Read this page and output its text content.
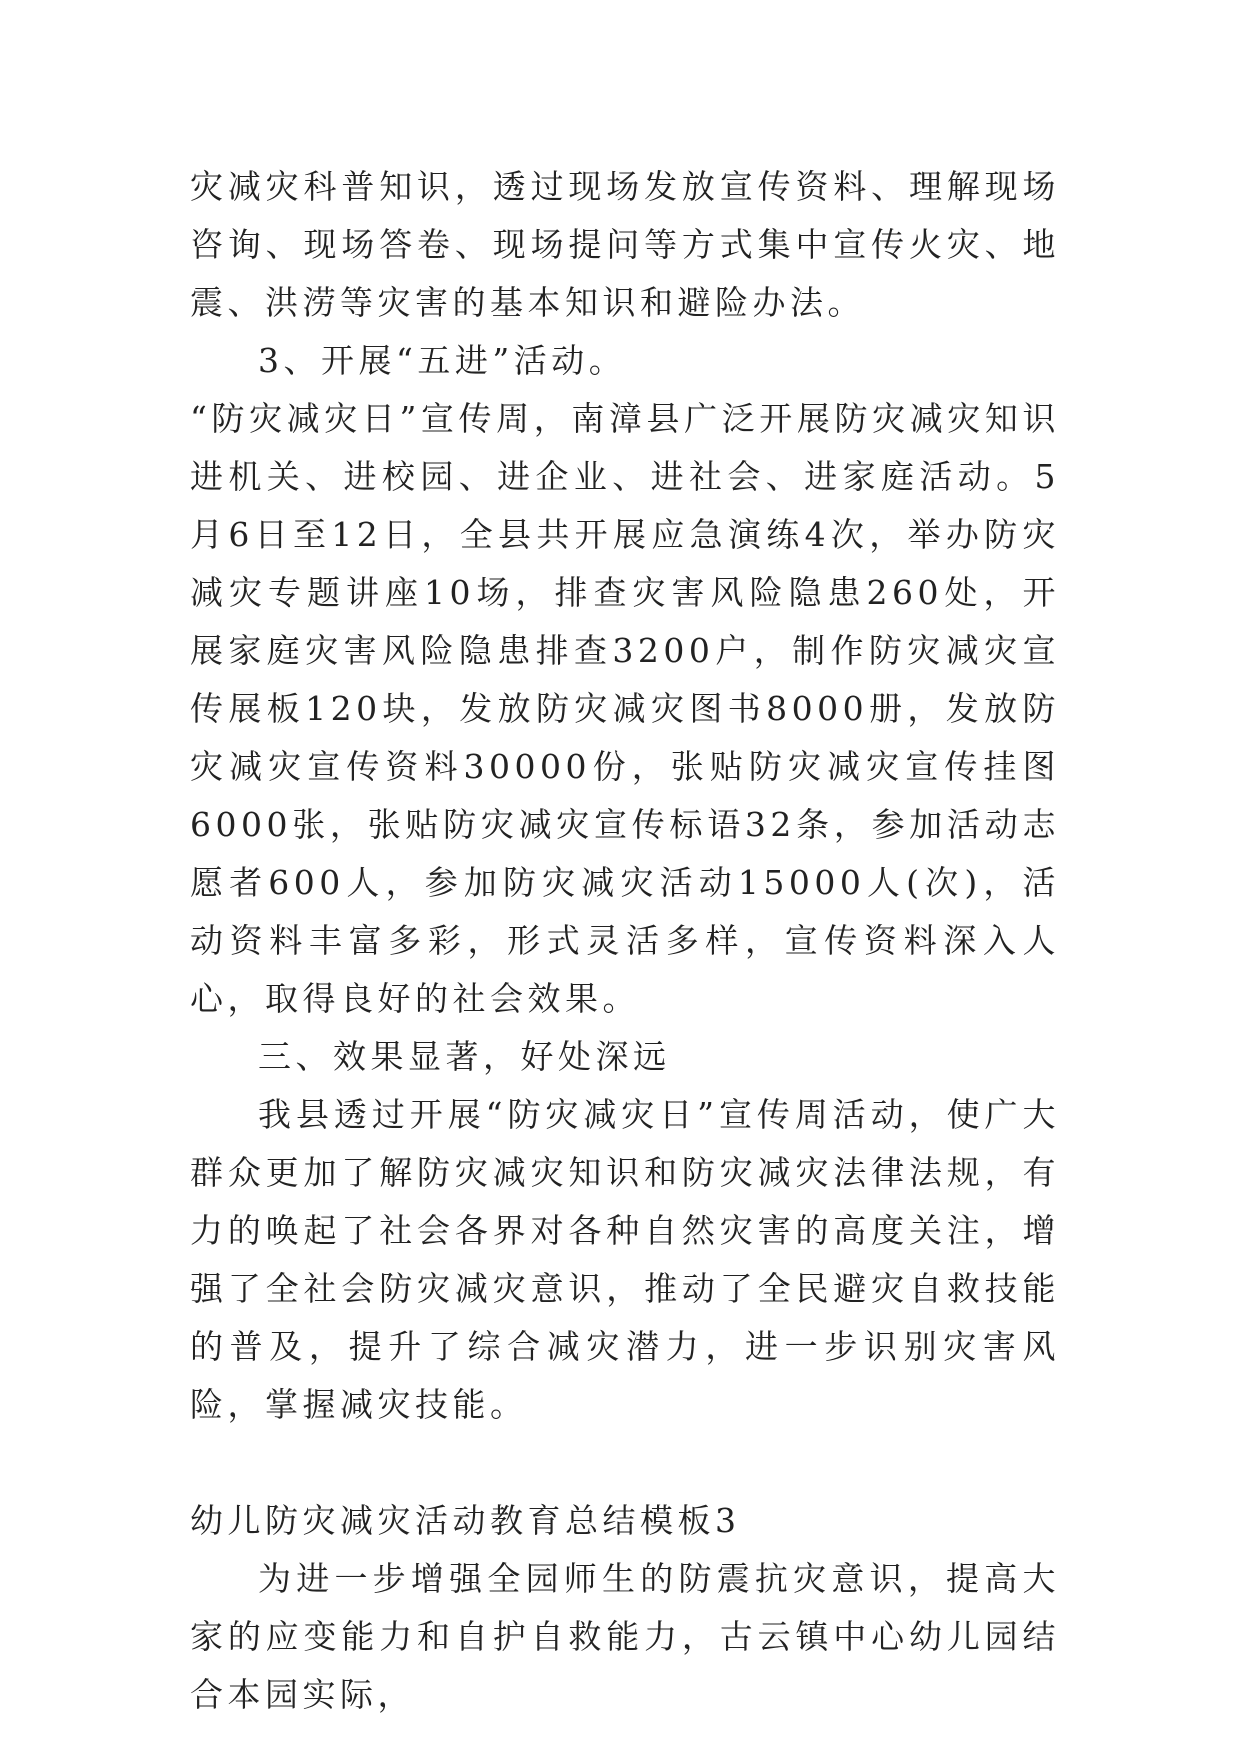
灾减灾科普知识，透过现场发放宣传资料、理解现场咨询、现场答卷、现场提问等方式集中宣传火灾、地震、洪涝等灾害的基本知识和避险办法。

3、开展“五进”活动。

“防灾减灾日”宣传周，南漳县广泛开展防灾减灾知识进机关、进校园、进企业、进社会、进家庭活动。5月6日至12日，全县共开展应急演练4次，举办防灾减灾专题讲座10场，排查灾害风险隐患260处，开展家庭灾害风险隐患排查3200户，制作防灾减灾宣传展板120块，发放防灾减灾图书8000册，发放防灾减灾宣传资料30000份，张贴防灾减灾宣传挂图6000张，张贴防灾减灾宣传标语32条，参加活动志愿者600人，参加防灾减灾活动15000人(次)，活动资料丰富多彩，形式灵活多样，宣传资料深入人心，取得良好的社会效果。

三、效果显著，好处深远

我县透过开展“防灾减灾日”宣传周活动，使广大群众更加了解防灾减灾知识和防灾减灾法律法规，有力的唤起了社会各界对各种自然灾害的高度关注，增强了全社会防灾减灾意识，推动了全民避灾自救技能的普及，提升了综合减灾潜力，进一步识别灾害风险，掌握减灾技能。

幼儿防灾减灾活动教育总结模板3

为进一步增强全园师生的防震抗灾意识，提高大家的应变能力和自护自救能力，古云镇中心幼儿园结合本园实际，
